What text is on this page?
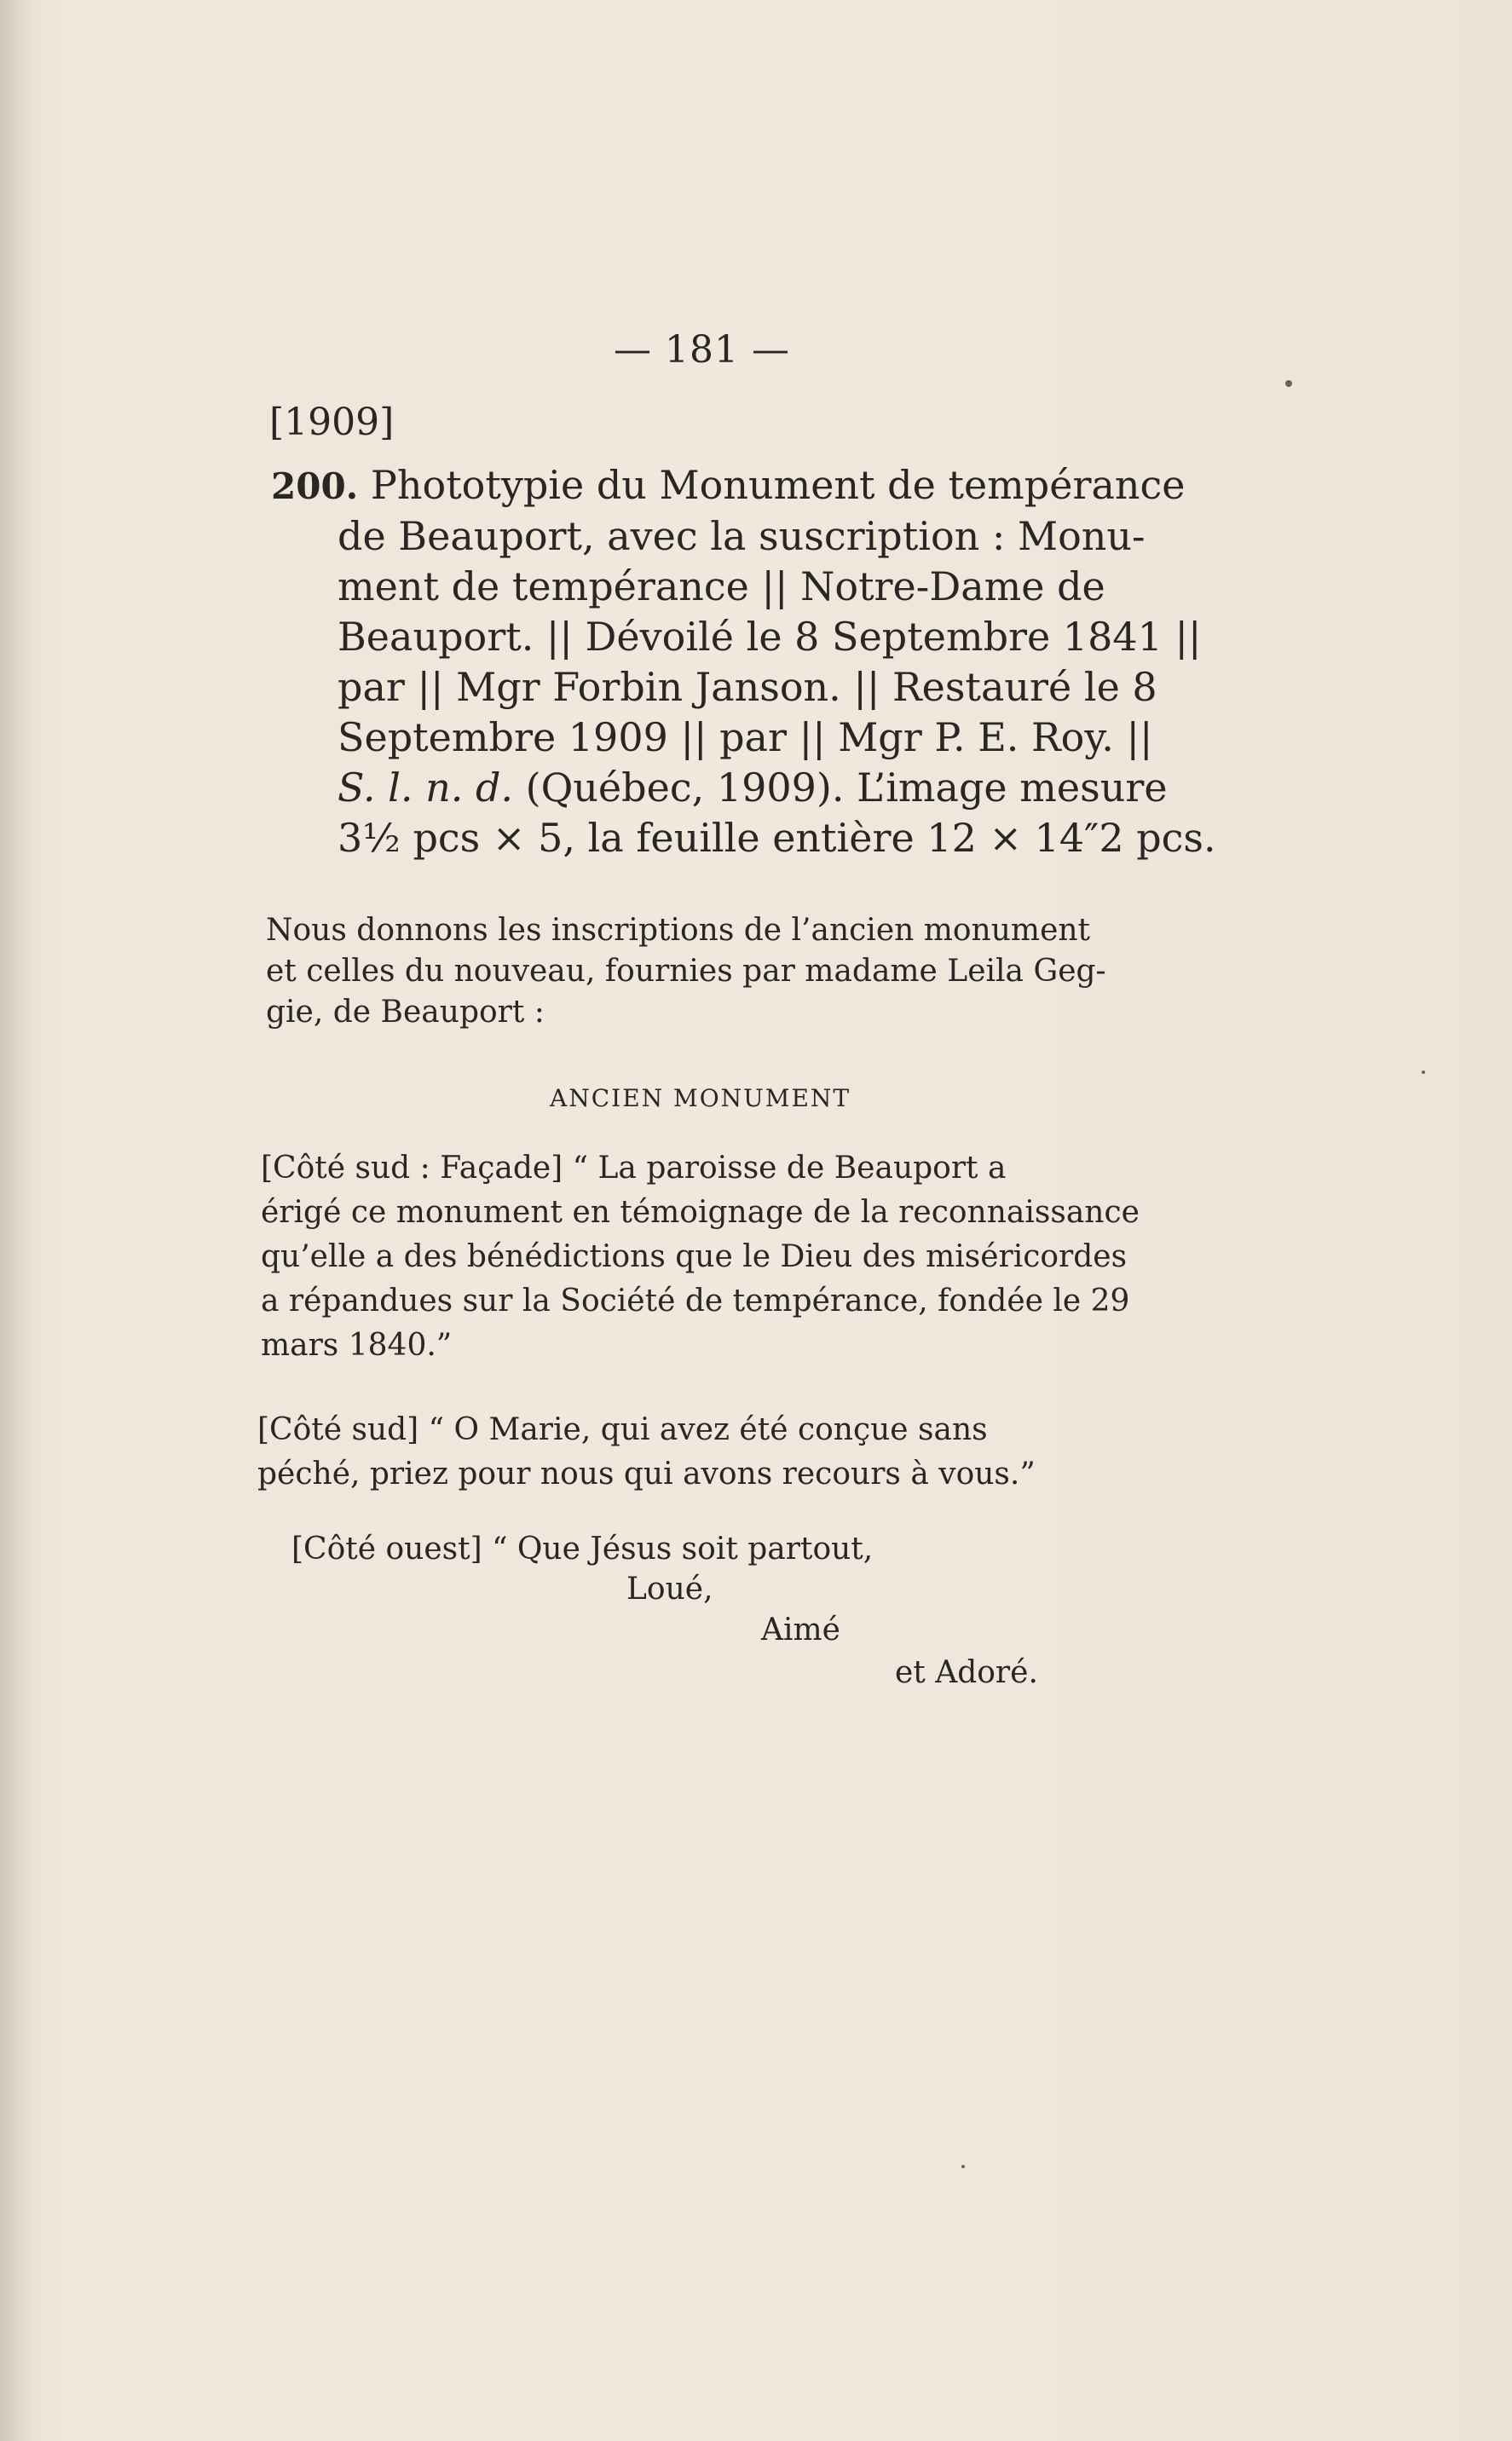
— 181 —
[1909]
200. Phototypie du Monument de tempérance
de Beauport, avec la suscription : Monu-
ment de tempérance || Notre-Dame de
Beauport. || Dévoilé le 8 Septembre 1841 ||
par || Mgr Forbin Janson. || Restauré le 8
Septembre 1909 || par || Mgr P. E. Roy. ||
S. l. n. d. (Québec, 1909). L’image mesure
3½ pcs × 5, la feuille entière 12 × 14″2 pcs.
Nous donnons les inscriptions de l’ancien monument
et celles du nouveau, fournies par madame Leila Geg-
gie, de Beauport :
ANCIEN MONUMENT
[Côté sud : Façade] “ La paroisse de Beauport a
érigé ce monument en témoignage de la reconnaissance
qu’elle a des bénédictions que le Dieu des miséricordes
a répandues sur la Société de tempérance, fondée le 29
mars 1840.”
[Côté sud] “ O Marie, qui avez été conçue sans
péché, priez pour nous qui avons recours à vous.”
[Côté ouest] “ Que Jésus soit partout,
Loué,
Aimé
et Adoré.
